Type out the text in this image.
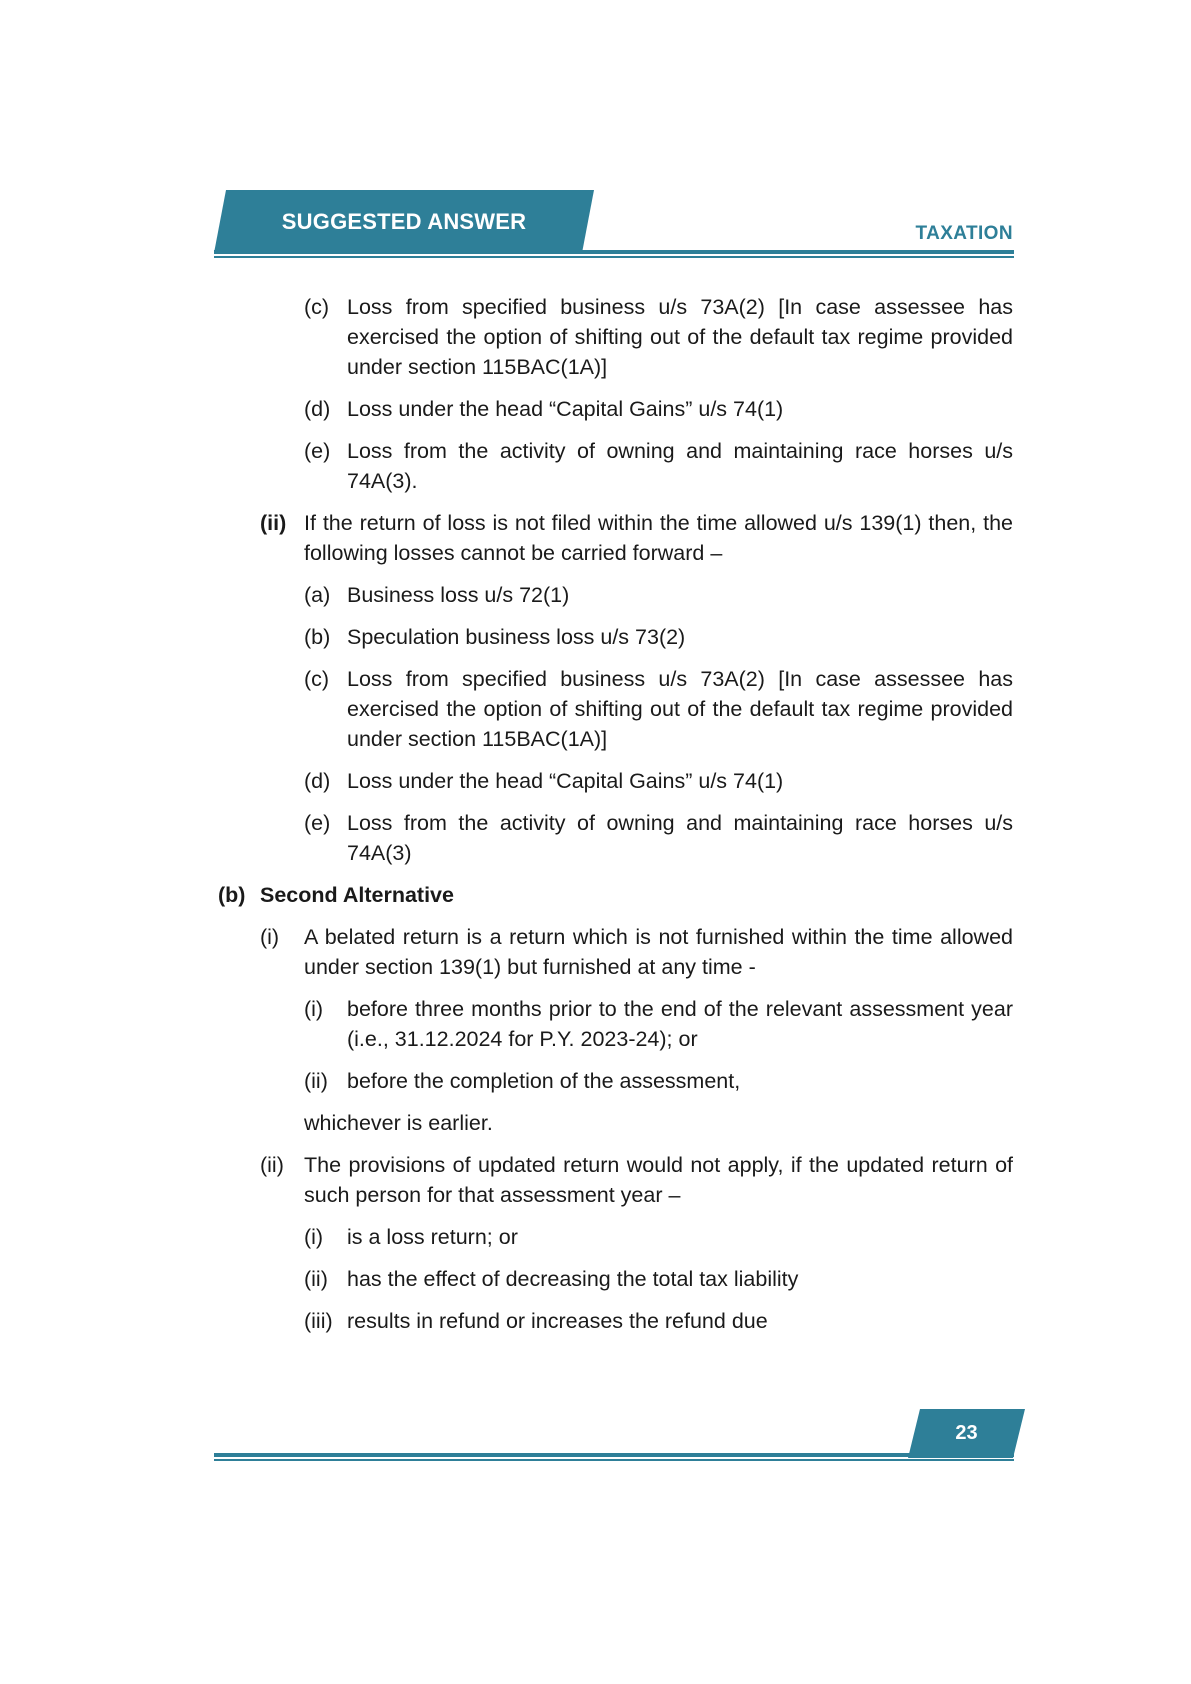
SUGGESTED ANSWER	TAXATION
(c) Loss from specified business u/s 73A(2) [In case assessee has exercised the option of shifting out of the default tax regime provided under section 115BAC(1A)]
(d) Loss under the head “Capital Gains” u/s 74(1)
(e) Loss from the activity of owning and maintaining race horses u/s 74A(3).
(ii) If the return of loss is not filed within the time allowed u/s 139(1) then, the following losses cannot be carried forward –
(a) Business loss u/s 72(1)
(b) Speculation business loss u/s 73(2)
(c) Loss from specified business u/s 73A(2) [In case assessee has exercised the option of shifting out of the default tax regime provided under section 115BAC(1A)]
(d) Loss under the head “Capital Gains” u/s 74(1)
(e) Loss from the activity of owning and maintaining race horses u/s 74A(3)
(b) Second Alternative
(i)	A belated return is a return which is not furnished within the time allowed under section 139(1) but furnished at any time -
(i)	before three months prior to the end of the relevant assessment year (i.e., 31.12.2024 for P.Y. 2023-24); or
(ii) before the completion of the assessment,
whichever is earlier.
(ii) The provisions of updated return would not apply, if the updated return of such person for that assessment year –
(i)	is a loss return; or
(ii) has the effect of decreasing the total tax liability
(iii) results in refund or increases the refund due
23
